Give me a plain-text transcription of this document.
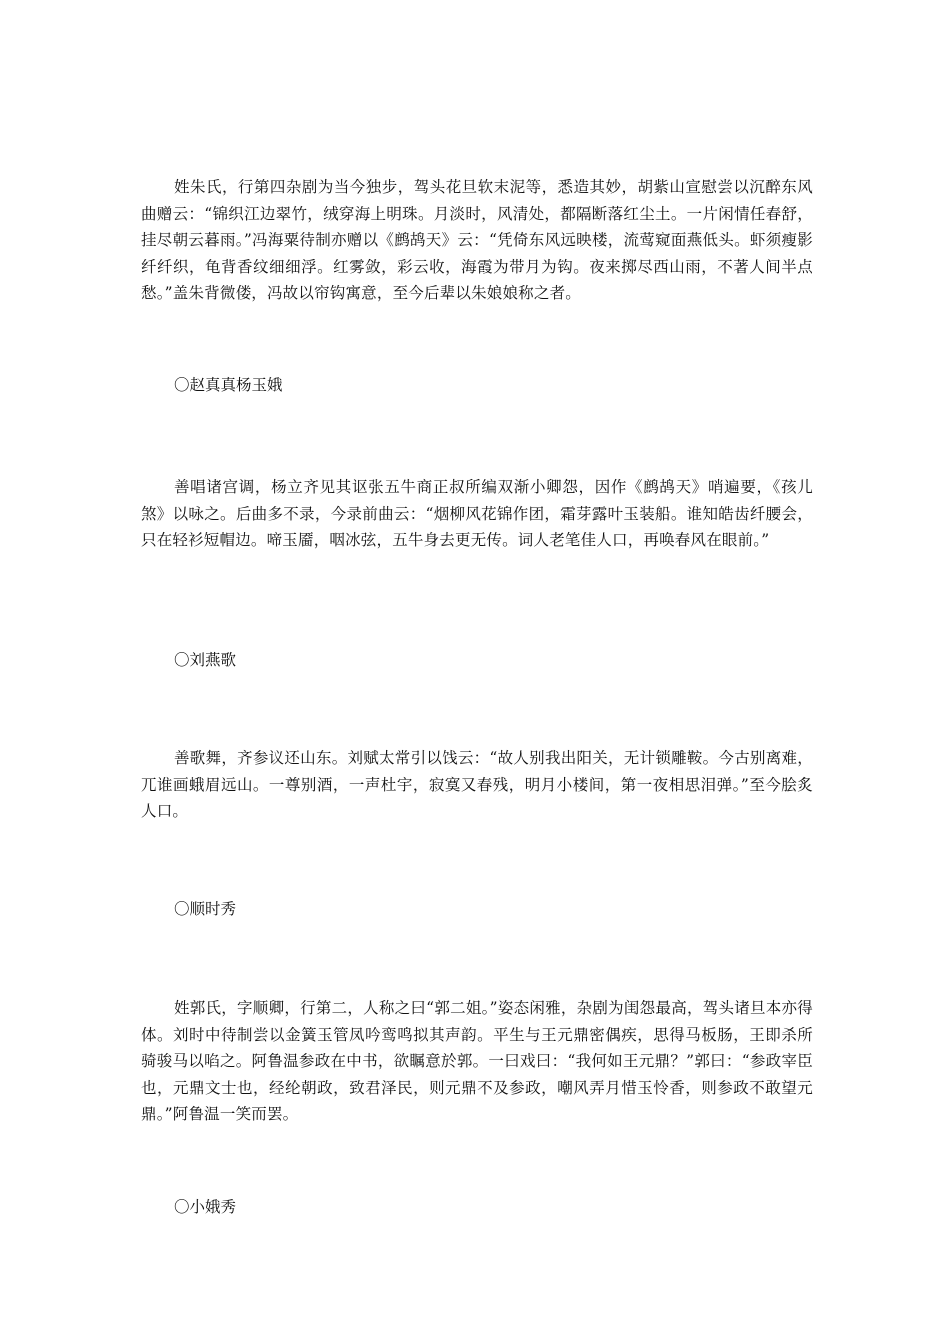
姓朱氏，行第四杂剧为当今独步，驾头花旦软末泥等，悉造其妙，胡紫山宣慰尝以沉醉东风曲赠云：“锦织江边翠竹，绒穿海上明珠。月淡时，风清处，都隔断落红尘土。一片闲情任春舒，挂尽朝云暮雨。”冯海粟待制亦赠以《鹧鸪天》云：“凭倚东风远映楼，流莺窥面燕低头。虾须瘦影纤纤织，龟背香纹细细浮。红雾敛，彩云收，海霞为带月为钩。夜来掷尽西山雨，不著人间半点愁。”盖朱背微偻，冯故以帘钩寓意，至今后辈以朱娘娘称之者。

〇赵真真杨玉娥

善唱诸宫调，杨立齐见其讴张五牛商正叔所编双渐小卿怨，因作《鹧鸪天》哨遍要，《孩儿煞》以咏之。后曲多不录，今录前曲云：“烟柳风花锦作团，霜芽露叶玉装船。谁知皓齿纤腰会，只在轻衫短帽边。啼玉靥，咽冰弦，五牛身去更无传。词人老笔佳人口，再唤春风在眼前。”

〇刘燕歌

善歌舞，齐参议还山东。刘赋太常引以饯云：“故人别我出阳关，无计锁雕鞍。今古别离难，兀谁画蛾眉远山。一尊别酒，一声杜宇，寂寞又春残，明月小楼间，第一夜相思泪弹。”至今脍炙人口。

〇顺时秀

姓郭氏，字顺卿，行第二，人称之曰“郭二姐。”姿态闲雅，杂剧为闺怨最高，驾头诸旦本亦得体。刘时中待制尝以金簧玉管凤吟鸾鸣拟其声韵。平生与王元鼎密偶疾，思得马板肠，王即杀所骑骏马以啗之。阿鲁温参政在中书，欲瞩意於郭。一曰戏曰：“我何如王元鼎？”郭曰：“参政宰臣也，元鼎文士也，经纶朝政，致君泽民，则元鼎不及参政，嘲风弄月惜玉怜香，则参政不敢望元鼎。”阿鲁温一笑而罢。

〇小娥秀
